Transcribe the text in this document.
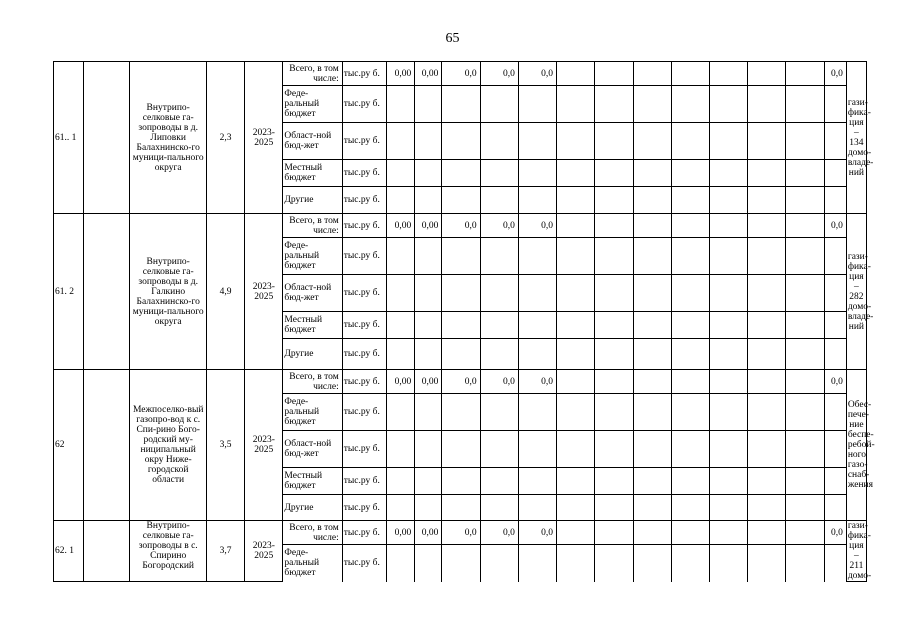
65
61.. 1		Внутрипо-селковые га-зопроводы в д. Липовки Балахнинско-го муници-пального округа	2,3	2023-2025	Всего, в том числе:	тыс.ру б.	0,00	0,00	0,0	0,0	0,0								0,0	гази-фика-ция – 134 домо-владе-ний
					Феде-ральный бюджет	тыс.ру б.														
					Област-ной бюд-жет	тыс.ру б.														
					Местный бюджет	тыс.ру б.														
					Другие	тыс.ру б.														
61. 2		Внутрипо-селковые га-зопроводы в д. Галкино Балахнинско-го муници-пального округа	4,9	2023-2025	Всего, в том числе:	тыс.ру б.	0,00	0,00	0,0	0,0	0,0								0,0	гази-фика-ция – 282 домо-владе-ний
					Феде-ральный бюджет	тыс.ру б.														
					Област-ной бюд-жет	тыс.ру б.														
					Местный бюджет	тыс.ру б.														
					Другие	тыс.ру б.														
62		Межпоселко-вый газопро-вод к с. Спи-рино Бого-родский му-ниципальный окру Ниже-городской области	3,5	2023-2025	Всего, в том числе:	тыс.ру б.	0,00	0,00	0,0	0,0	0,0								0,0	Обес-пече-ние беспе-ребой-ного газо-снаб-жения
					Феде-ральный бюджет	тыс.ру б.														
					Област-ной бюд-жет	тыс.ру б.														
					Местный бюджет	тыс.ру б.														
					Другие	тыс.ру б.														
62. 1		Внутрипо-селковые га-зопроводы в с. Спирино Богородский	3,7	2023-2025	Всего, в том числе:	тыс.ру б.	0,00	0,00	0,0	0,0	0,0								0,0	гази-фика-ция – 211 домо-
					Феде-ральный бюджет	тыс.ру б.														
